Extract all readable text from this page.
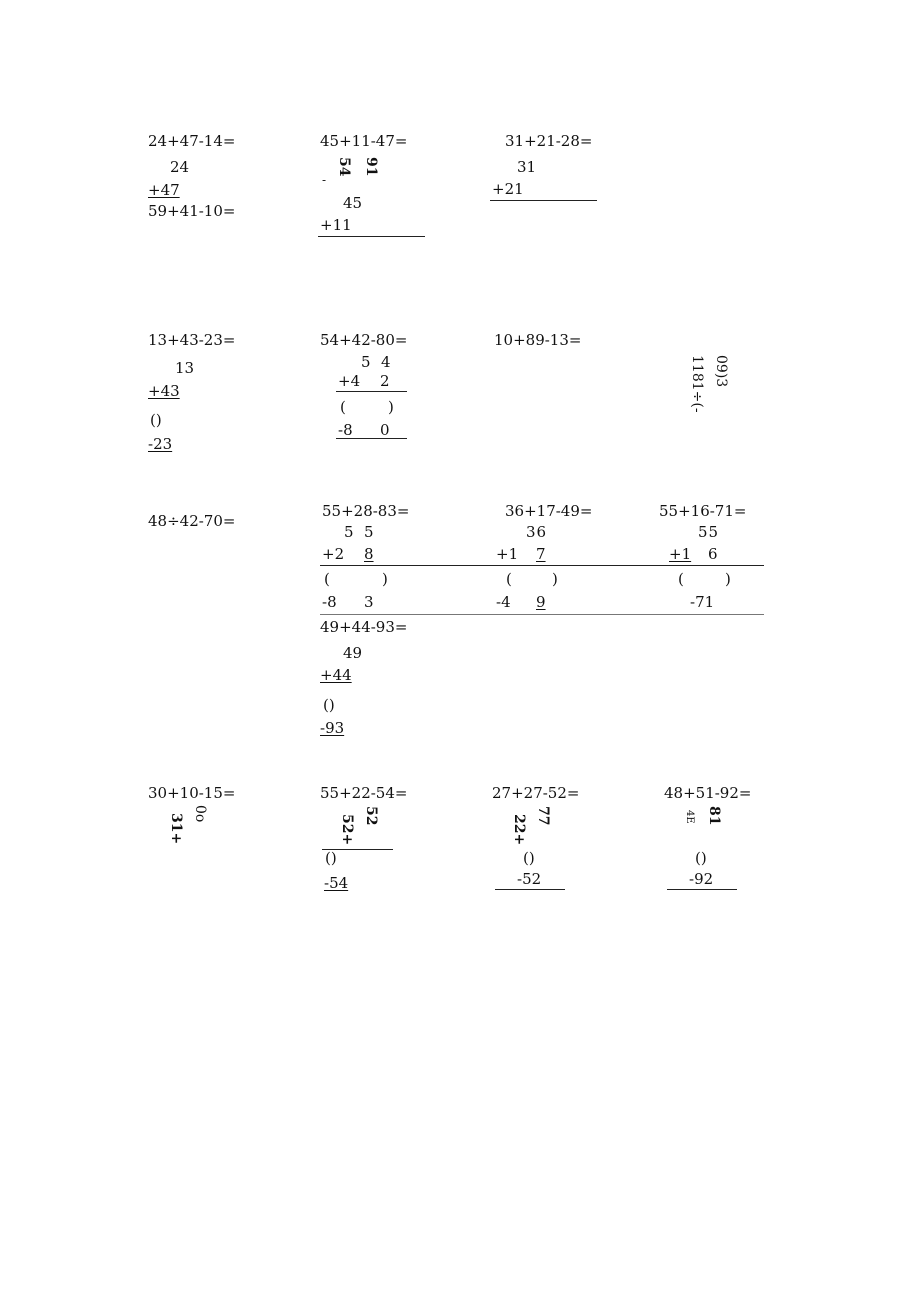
24+47-14=
24
+47
59+41-10=
45+11-47=
54 91
-
45
+11
31+21-28=
31
+21
13+43-23=
13
+43
()
-23
54+42-80=
5 4
+4 2
(	)
-8 0
10+89-13=
09)3
1181÷(-
48÷42-70=
55+28-83=
5 5
+2 8
(	)
-8 3
36+17-49=
36
+1 7
(	)
-4 9
55+16-71=
55
+1 6
(	)
-71
49+44-93=
49
+44
()
-93
30+10-15=
0o
31+
55+22-54=
52
52+
()
-54
27+27-52=
77
22+
()
-52
48+51-92=
81
4E
()
-92
